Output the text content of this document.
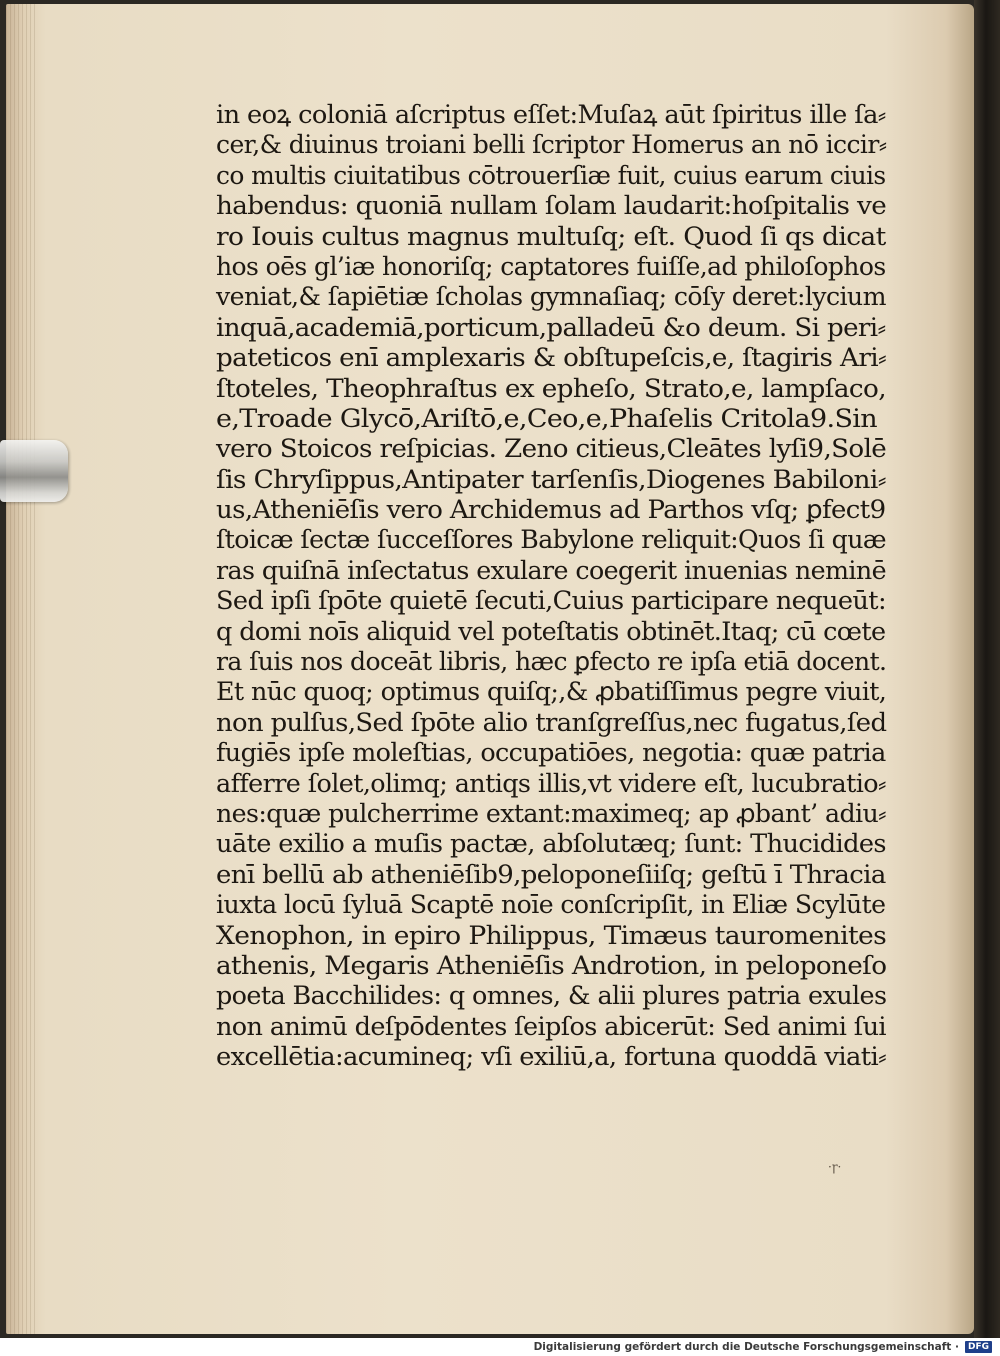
in eoꝝ coloniā aſcriptus eſſet:Muſaꝝ aūt ſpiritus ille ſa⸗
cer,& diuinus troiani belli ſcriptor Homerus an nō iccir⸗
co multis ciuitatibus cōtrouerſiæ fuit, cuius earum ciuis
habendus: quoniā nullam ſolam laudarit:hoſpitalis ve
ro Iouis cultus magnus multuſq; eſt. Quod ſi qs dicat
hos oēs gl’iæ honoriſq; captatores fuiſſe,ad philoſophos
veniat,& ſapiētiæ ſcholas gymnaſiaq; cōſy deret:lycium
inquā,academiā,porticum,palladeū &o deum. Si peri⸗
pateticos enī amplexaris & obſtupeſcis,e, ſtagiris Ari⸗
ſtoteles, Theophraſtus ex epheſo, Strato,e, lampſaco,
e,Troade Glycō,Ariſtō,e,Ceo,e,Phaſelis Critola9.Sin
vero Stoicos reſpicias. Zeno citieus,Cleātes lyſi9,Solē
ſis Chryſippus,Antipater tarſenſis,Diogenes Babiloni⸗
us,Atheniēſis vero Archidemus ad Parthos vſq; ꝑfect9
ſtoicæ ſectæ ſucceſſores Babylone reliquit:Quos ſi quæ
ras quiſnā inſectatus exulare coegerit inuenias neminē
Sed ipſi ſpōte quietē ſecuti,Cuius participare nequeūt:
q domi noīs aliquid vel poteſtatis obtinēt.Itaq; cū cœte
ra ſuis nos doceāt libris, hæc ꝑfecto re ipſa etiā docent.
Et nūc quoq; optimus quiſq;,& ꝓbatiſſimus pegre viuit,
non pulſus,Sed ſpōte alio tranſgreſſus,nec fugatus,ſed
fugiēs ipſe moleſtias, occupatiōes, negotia: quæ patria
afferre ſolet,olimq; antiqs illis,vt videre eſt, lucubratio⸗
nes:quæ pulcherrime extant:maximeq; ap ꝓbant’ adiu⸗
uāte exilio a muſis pactæ, abſolutæq; ſunt: Thucidides
enī bellū ab atheniēſib9,peloponeſiiſq; geſtū ī Thracia
iuxta locū ſyluā Scaptē noīe conſcripſit, in Eliæ Scylūte
Xenophon, in epiro Philippus, Timæus tauromenites
athenis, Megaris Atheniēſis Androtion, in peloponeſo
poeta Bacchilides: q omnes, & alii plures patria exules
non animū deſpōdentes ſeipſos abicerūt: Sed animi ſui
excellētia:acumineq; vſi exiliū,a, fortuna quoddā viati⸗
·ꞅ·
Digitalisierung gefördert durch die Deutsche Forschungsgemeinschaft ·	DFG
